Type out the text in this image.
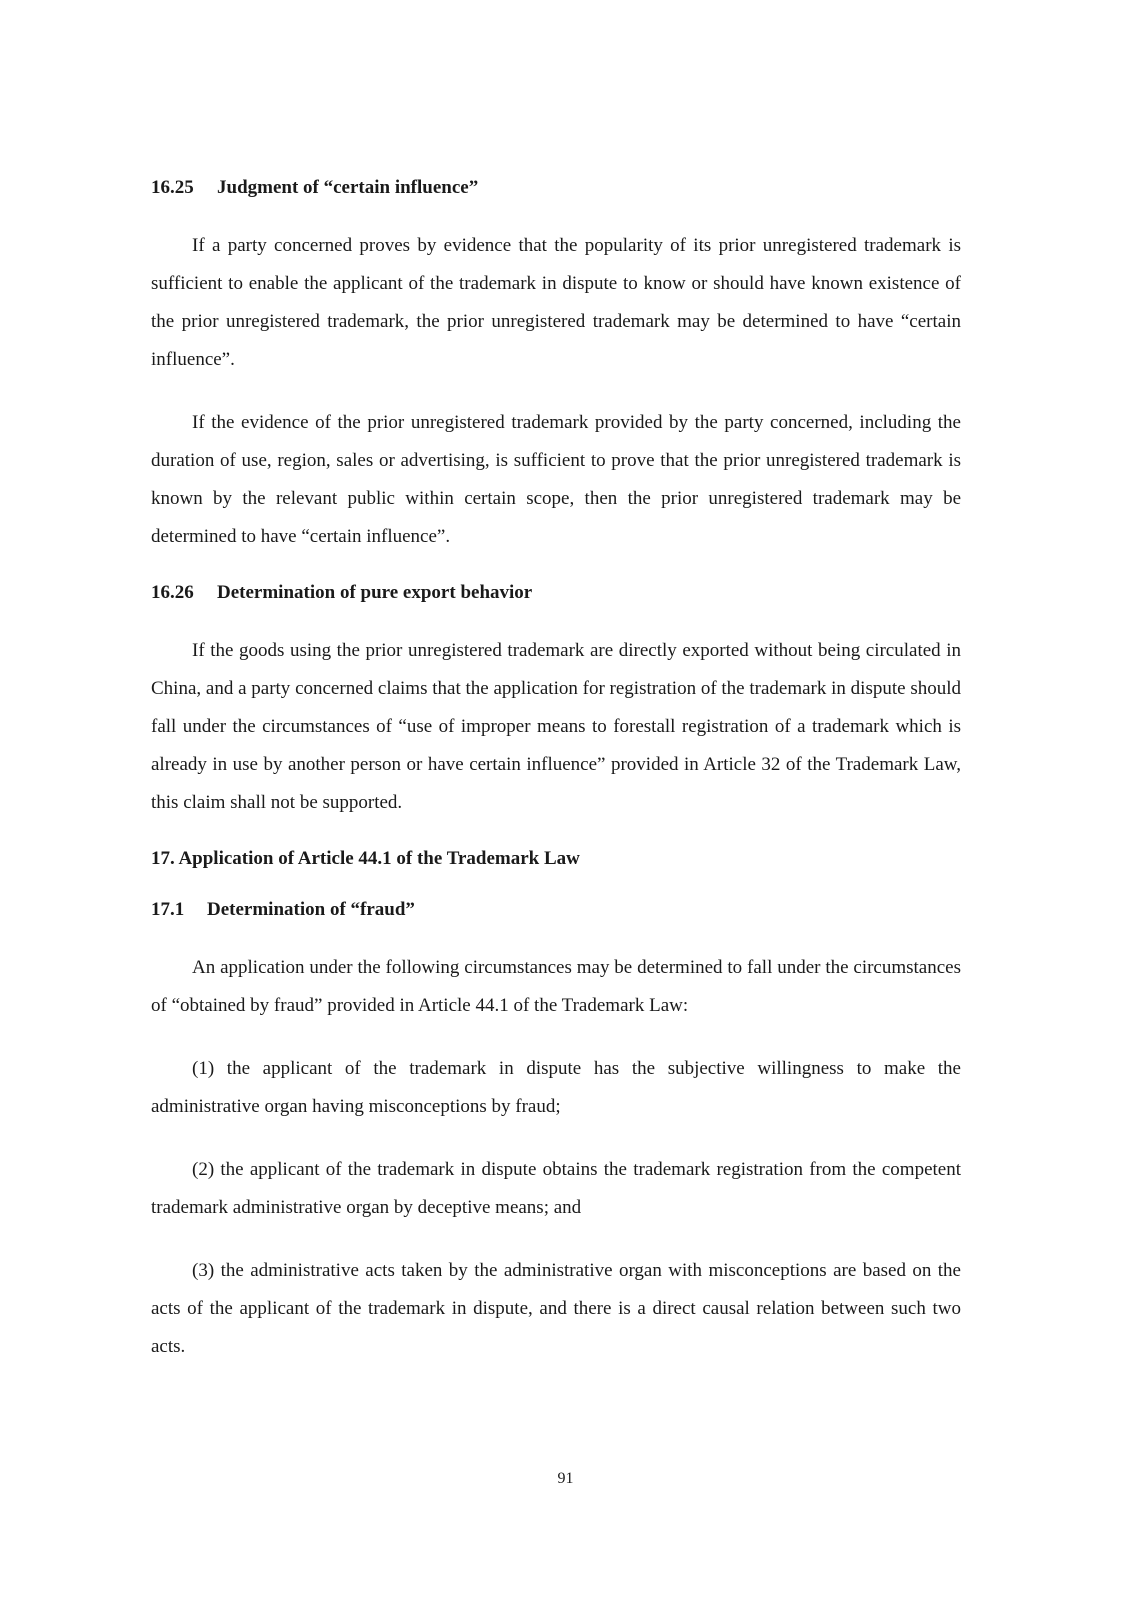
16.25 Judgment of “certain influence”

If a party concerned proves by evidence that the popularity of its prior unregistered trademark is sufficient to enable the applicant of the trademark in dispute to know or should have known existence of the prior unregistered trademark, the prior unregistered trademark may be determined to have “certain influence”.

If the evidence of the prior unregistered trademark provided by the party concerned, including the duration of use, region, sales or advertising, is sufficient to prove that the prior unregistered trademark is known by the relevant public within certain scope, then the prior unregistered trademark may be determined to have “certain influence”.

16.26 Determination of pure export behavior

If the goods using the prior unregistered trademark are directly exported without being circulated in China, and a party concerned claims that the application for registration of the trademark in dispute should fall under the circumstances of “use of improper means to forestall registration of a trademark which is already in use by another person or have certain influence” provided in Article 32 of the Trademark Law, this claim shall not be supported.

17. Application of Article 44.1 of the Trademark Law
17.1 Determination of “fraud”

An application under the following circumstances may be determined to fall under the circumstances of “obtained by fraud” provided in Article 44.1 of the Trademark Law:

(1) the applicant of the trademark in dispute has the subjective willingness to make the administrative organ having misconceptions by fraud;

(2) the applicant of the trademark in dispute obtains the trademark registration from the competent trademark administrative organ by deceptive means; and

(3) the administrative acts taken by the administrative organ with misconceptions are based on the acts of the applicant of the trademark in dispute, and there is a direct causal relation between such two acts.

91
